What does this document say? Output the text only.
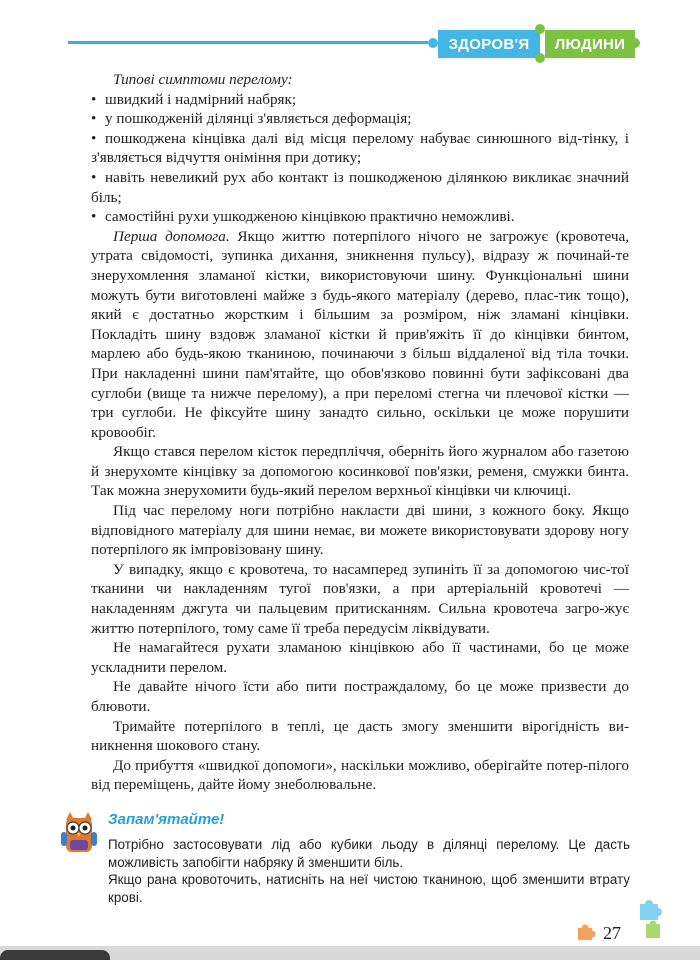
ЗДОРОВ'Я ЛЮДИНИ

Типові симптоми перелому:

• швидкий і надмірний набряк;

• у пошкодженій ділянці з'являється деформація;

• пошкоджена кінцівка далі від місця перелому набуває синюшного від-тінку, і з'являється відчуття оніміння при дотику;

• навіть невеликий рух або контакт із пошкодженою ділянкою викликає значний біль;

• самостійні рухи ушкодженою кінцівкою практично неможливі.

Перша допомога. Якщо життю потерпілого нічого не загрожує (кровотеча, утрата свідомості, зупинка дихання, зникнення пульсу), відразу ж починай-те знерухомлення зламаної кістки, використовуючи шину. Функціональні шини можуть бути виготовлені майже з будь-якого матеріалу (дерево, плас-тик тощо), який є достатньо жорстким і більшим за розміром, ніж зламані кінцівки. Покладіть шину вздовж зламаної кістки й прив'яжіть її до кінцівки бинтом, марлею або будь-якою тканиною, починаючи з більш віддаленої від тіла точки. При накладенні шини пам'ятайте, що обов'язково повинні бути зафіксовані два суглоби (вище та нижче перелому), а при переломі стегна чи плечової кістки — три суглоби. Не фіксуйте шину занадто сильно, оскільки це може порушити кровообіг.

Якщо стався перелом кісток передпліччя, оберніть його журналом або газетою й знерухомте кінцівку за допомогою косинкової пов'язки, ременя, смужки бинта. Так можна знерухомити будь-який перелом верхньої кінцівки чи ключиці.

Під час перелому ноги потрібно накласти дві шини, з кожного боку. Якщо відповідного матеріалу для шини немає, ви можете використовувати здорову ногу потерпілого як імпровізовану шину.

У випадку, якщо є кровотеча, то насамперед зупиніть її за допомогою чис-тої тканини чи накладенням тугої пов'язки, а при артеріальній кровотечі — накладенням джгута чи пальцевим притисканням. Сильна кровотеча загро-жує життю потерпілого, тому саме її треба передусім ліквідувати.

Не намагайтеся рухати зламаною кінцівкою або її частинами, бо це може ускладнити перелом.

Не давайте нічого їсти або пити постраждалому, бо це може призвести до блювоти.

Тримайте потерпілого в теплі, це дасть змогу зменшити вірогідність ви-никнення шокового стану.

До прибуття «швидкої допомоги», наскільки можливо, оберігайте потер-пілого від переміщень, дайте йому знеболювальне.

Запам'ятайте!

Потрібно застосовувати лід або кубики льоду в ділянці перелому. Це дасть можливість запобігти набряку й зменшити біль.

Якщо рана кровоточить, натисніть на неї чистою тканиною, щоб зменшити втрату крові.

27
